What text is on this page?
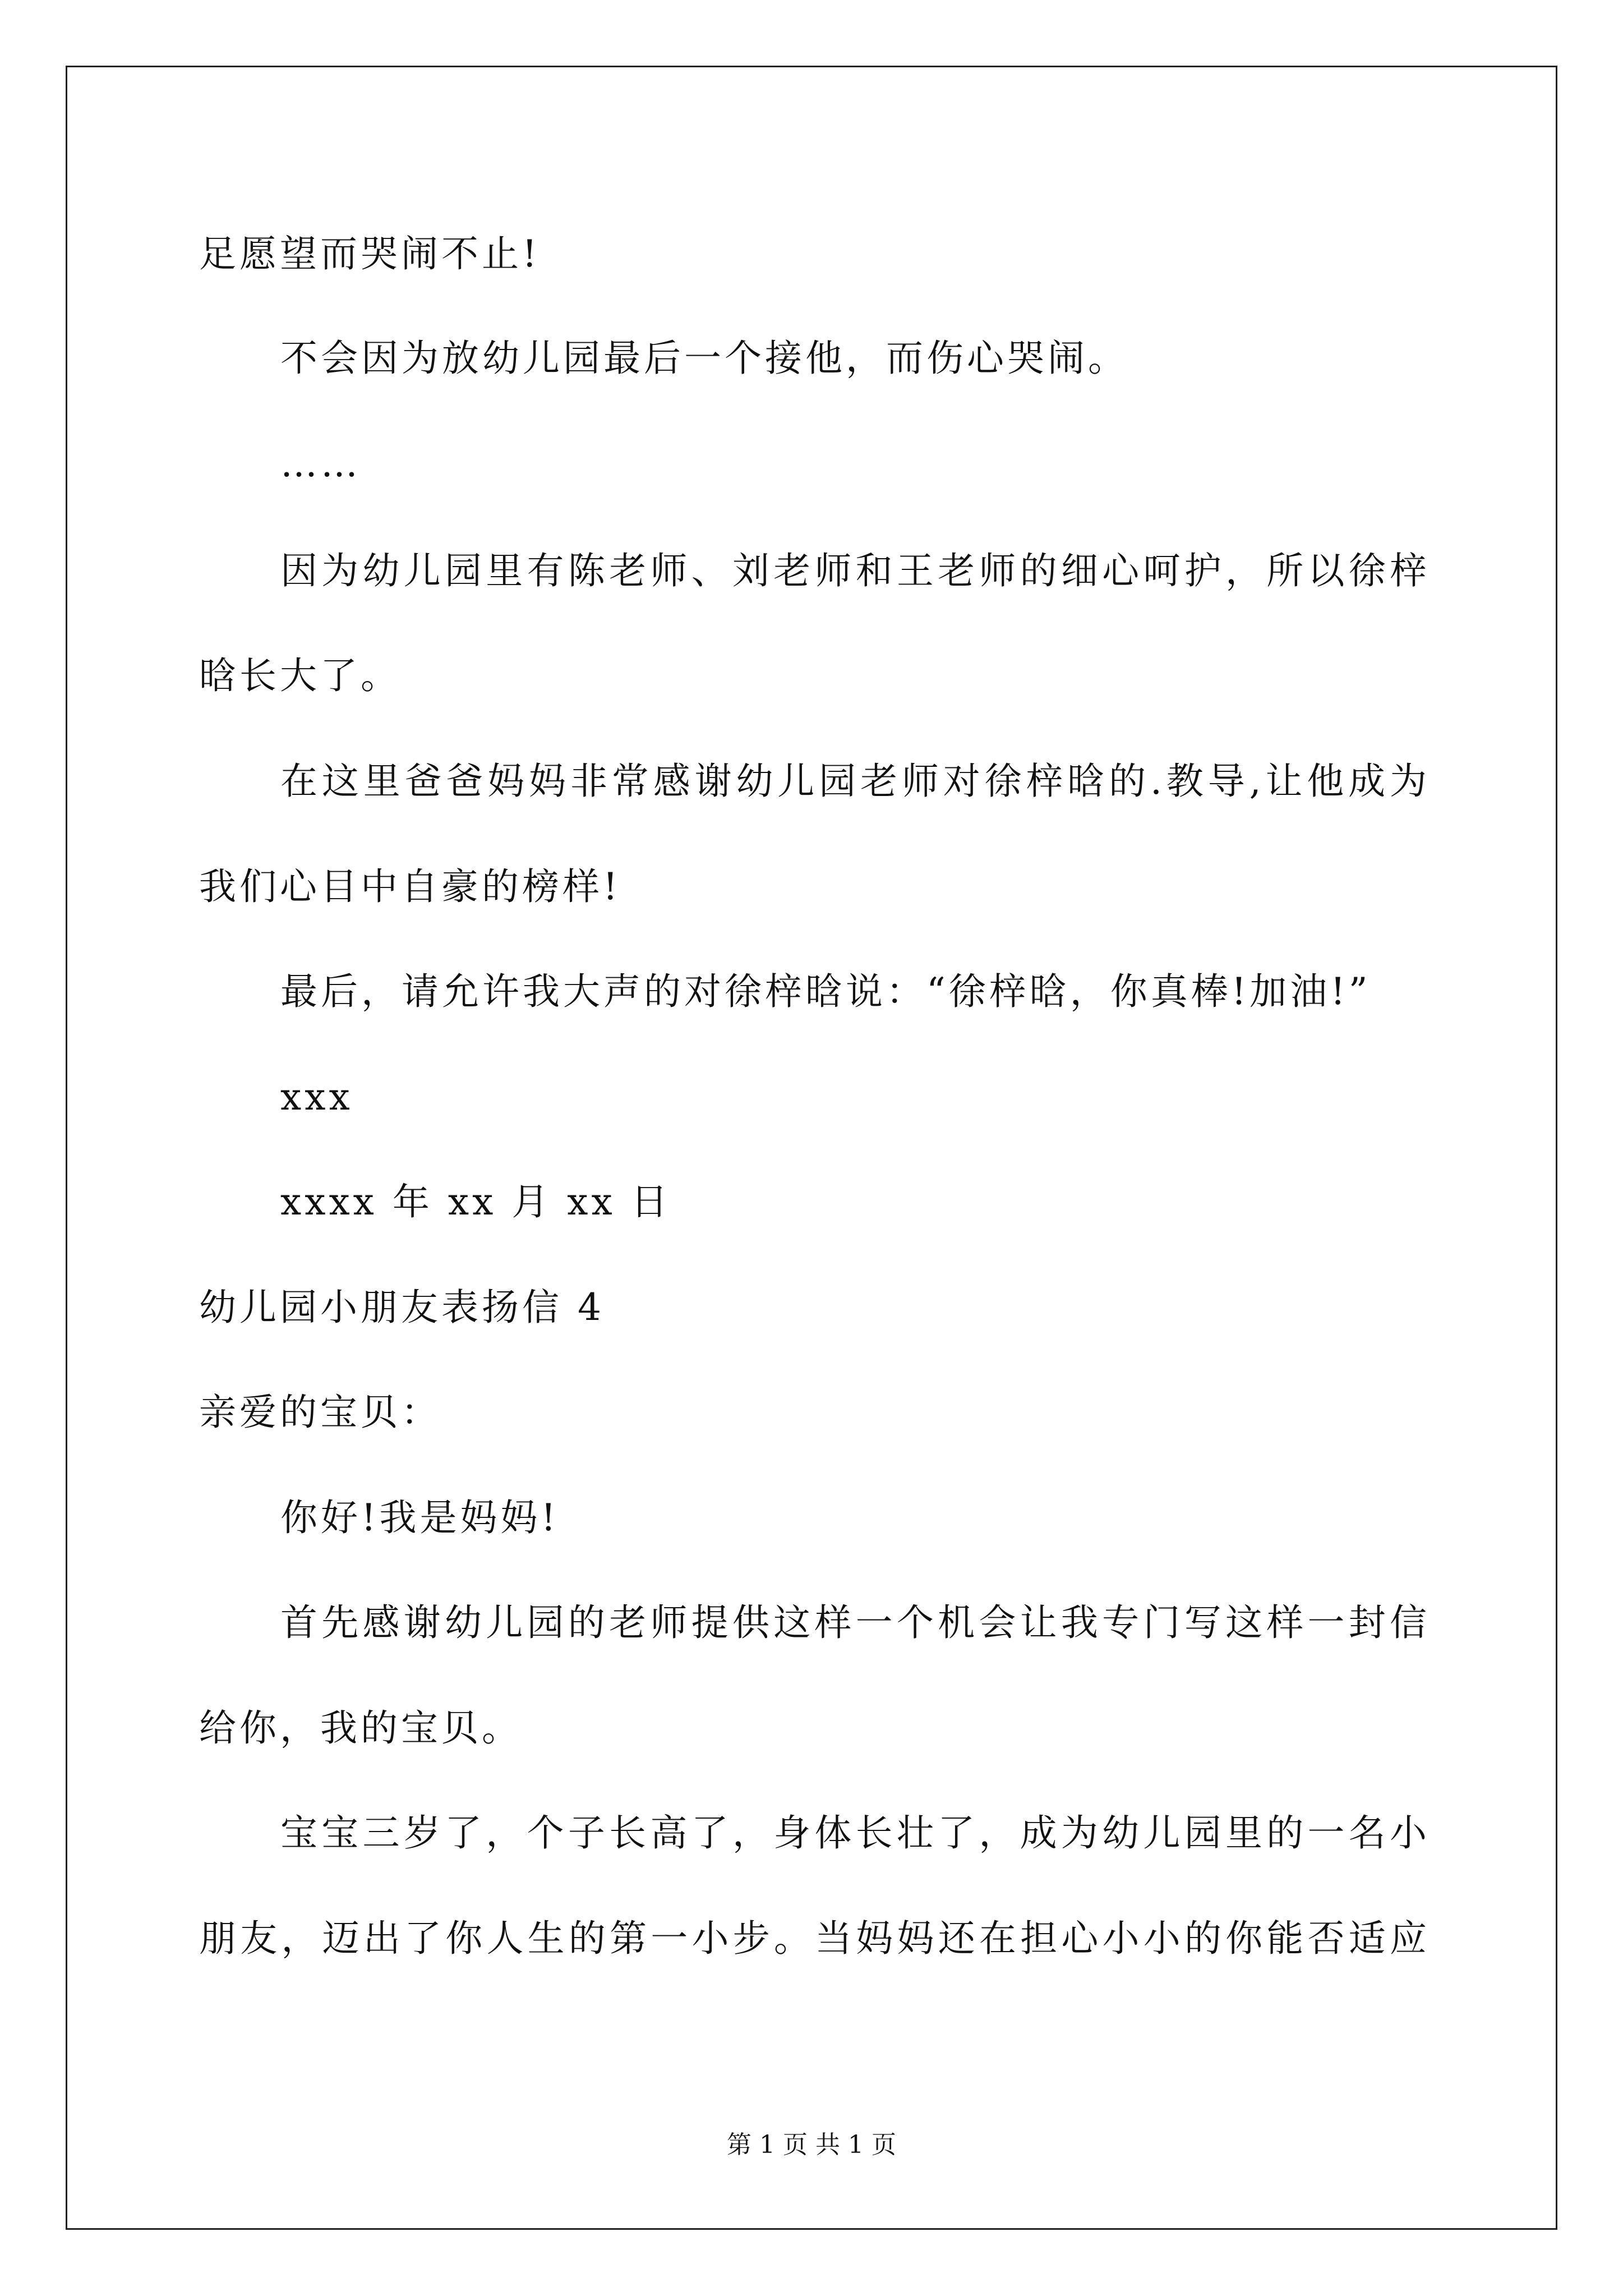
足愿望而哭闹不止!
不会因为放幼儿园最后一个接他，而伤心哭闹。
……
因为幼儿园里有陈老师、刘老师和王老师的细心呵护，所以徐梓
晗长大了。
在这里爸爸妈妈非常感谢幼儿园老师对徐梓晗的.教导,让他成为
我们心目中自豪的榜样!
最后，请允许我大声的对徐梓晗说：“徐梓晗，你真棒!加油!”
xxx
xxxx 年 xx 月 xx 日
幼儿园小朋友表扬信 4
亲爱的宝贝：
你好!我是妈妈!
首先感谢幼儿园的老师提供这样一个机会让我专门写这样一封信
给你，我的宝贝。
宝宝三岁了，个子长高了，身体长壮了，成为幼儿园里的一名小
朋友，迈出了你人生的第一小步。当妈妈还在担心小小的你能否适应
第 1 页 共 1 页
